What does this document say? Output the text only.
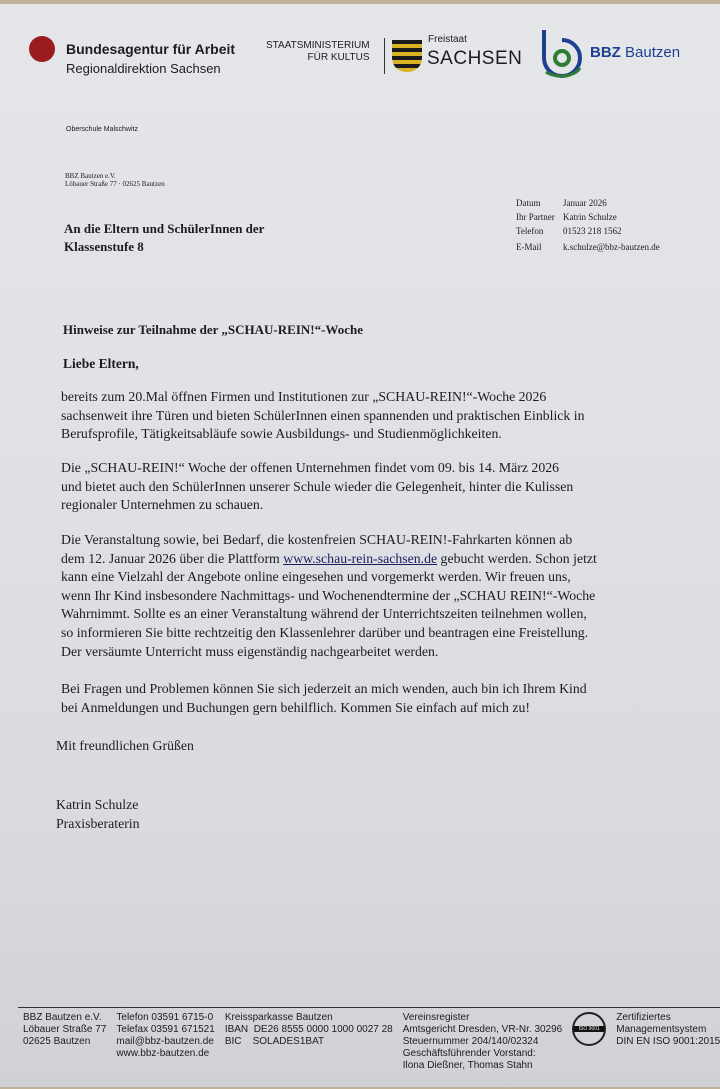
Bundesagentur für Arbeit
Regionaldirektion Sachsen
STAATSMINISTERIUM
FÜR KULTUS
Freistaat
SACHSEN	BBZ Bautzen
Oberschule Malschwitz
BBZ Bautzen e.V.
Löbauer Straße 77 · 02625 Bautzen
An die Eltern und SchülerInnen der
Klassenstufe 8
Datum	Januar 2026
Ihr Partner Katrin Schulze
Telefon	01523 218 1562
E-Mail	k.schulze@bbz-bautzen.de
Hinweise zur Teilnahme der „SCHAU-REIN!“-Woche
Liebe Eltern,
bereits zum 20.Mal öffnen Firmen und Institutionen zur „SCHAU-REIN!“-Woche 2026
sachsenweit ihre Türen und bieten SchülerInnen einen spannenden und praktischen Einblick in
Berufsprofile, Tätigkeitsabläufe sowie Ausbildungs- und Studienmöglichkeiten.
Die „SCHAU-REIN!“ Woche der offenen Unternehmen findet vom 09. bis 14. März 2026
und bietet auch den SchülerInnen unserer Schule wieder die Gelegenheit, hinter die Kulissen
regionaler Unternehmen zu schauen.
Die Veranstaltung sowie, bei Bedarf, die kostenfreien SCHAU-REIN!-Fahrkarten können ab
dem 12. Januar 2026 über die Plattform www.schau-rein-sachsen.de gebucht werden. Schon jetzt
kann eine Vielzahl der Angebote online eingesehen und vorgemerkt werden. Wir freuen uns,
wenn Ihr Kind insbesondere Nachmittags- und Wochenendtermine der „SCHAU REIN!“-Woche
Wahrnimmt. Sollte es an einer Veranstaltung während der Unterrichtszeiten teilnehmen wollen,
so informieren Sie bitte rechtzeitig den Klassenlehrer darüber und beantragen eine Freistellung.
Der versäumte Unterricht muss eigenständig nachgearbeitet werden.
Bei Fragen und Problemen können Sie sich jederzeit an mich wenden, auch bin ich Ihrem Kind
bei Anmeldungen und Buchungen gern behilflich. Kommen Sie einfach auf mich zu!
Mit freundlichen Grüßen
Katrin Schulze
Praxisberaterin
BBZ Bautzen e.V.
Löbauer Straße 77
02625 Bautzen
Telefon 03591 6715-0
Telefax 03591 671521
mail@bbz-bautzen.de
www.bbz-bautzen.de
Kreissparkasse Bautzen
IBAN  DE26 8555 0000 1000 0027 28
BIC    SOLADES1BAT
Vereinsregister
Amtsgericht Dresden, VR-Nr. 30296
Steuernummer 204/140/02324
Geschäftsführender Vorstand:
Ilona Dießner, Thomas Stahn
ISO 9001
Zertifiziertes
Managementsystem
DIN EN ISO 9001:2015
